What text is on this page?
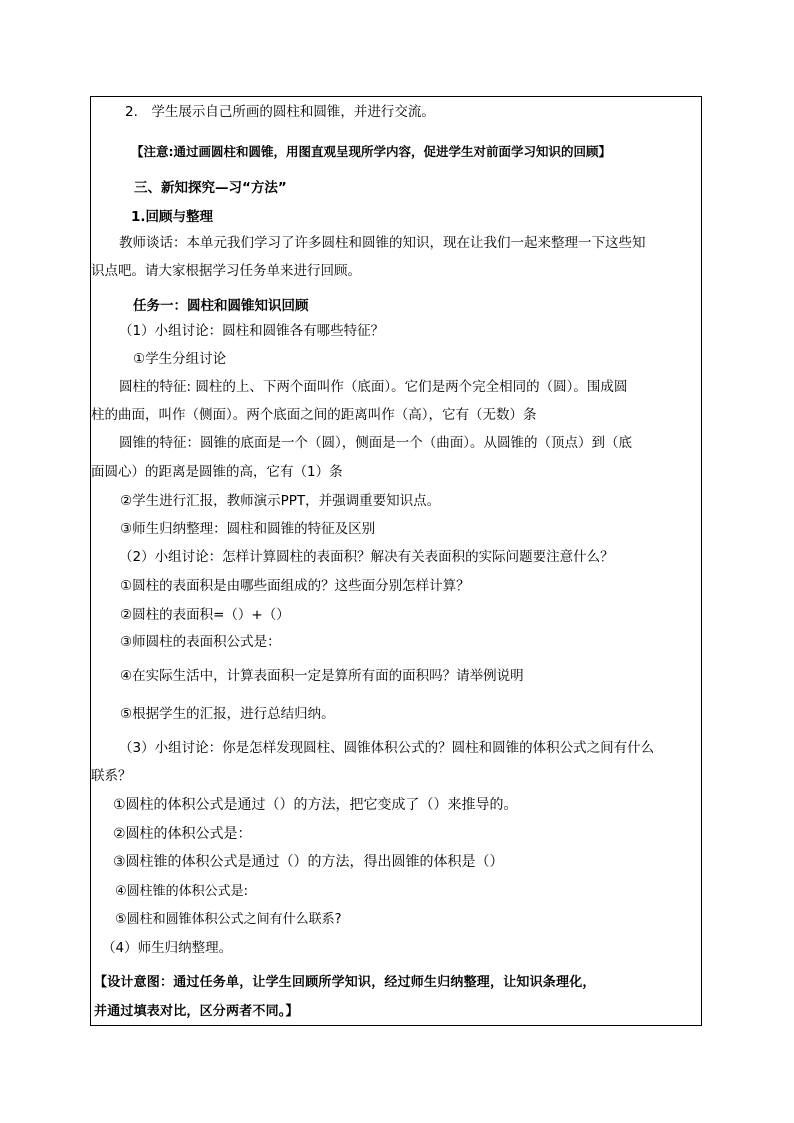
2.　学生展示自己所画的圆柱和圆锥，并进行交流。
【注意:通过画圆柱和圆锥，用图直观呈现所学内容，促进学生对前面学习知识的回顾】
三、新知探究—习“方法”
1.回顾与整理
教师谈话：本单元我们学习了许多圆柱和圆锥的知识，现在让我们一起来整理一下这些知
识点吧。请大家根据学习任务单来进行回顾。
任务一：圆柱和圆锥知识回顾
（1）小组讨论：圆柱和圆锥各有哪些特征？
①学生分组讨论
圆柱的特征: 圆柱的上、下两个面叫作（底面）。它们是两个完全相同的（圆）。围成圆
柱的曲面，叫作（侧面）。两个底面之间的距离叫作（高），它有（无数）条
圆锥的特征：圆锥的底面是一个（圆），侧面是一个（曲面）。从圆锥的（顶点）到（底
面圆心）的距离是圆锥的高，它有（1）条
②学生进行汇报，教师演示PPT，并强调重要知识点。
③师生归纳整理：圆柱和圆锥的特征及区别
（2）小组讨论：怎样计算圆柱的表面积？解决有关表面积的实际问题要注意什么？
①圆柱的表面积是由哪些面组成的？这些面分别怎样计算？
②圆柱的表面积=（）+（）
③师圆柱的表面积公式是：
④在实际生活中，计算表面积一定是算所有面的面积吗？请举例说明
⑤根据学生的汇报，进行总结归纳。
（3）小组讨论：你是怎样发现圆柱、圆锥体积公式的？圆柱和圆锥的体积公式之间有什么
联系？
①圆柱的体积公式是通过（）的方法，把它变成了（）来推导的。
②圆柱的体积公式是：
③圆柱锥的体积公式是通过（）的方法，得出圆锥的体积是（）
④圆柱锥的体积公式是:
⑤圆柱和圆锥体积公式之间有什么联系?
（4）师生归纳整理。
【设计意图：通过任务单，让学生回顾所学知识，经过师生归纳整理，让知识条理化，
并通过填表对比，区分两者不同。】
